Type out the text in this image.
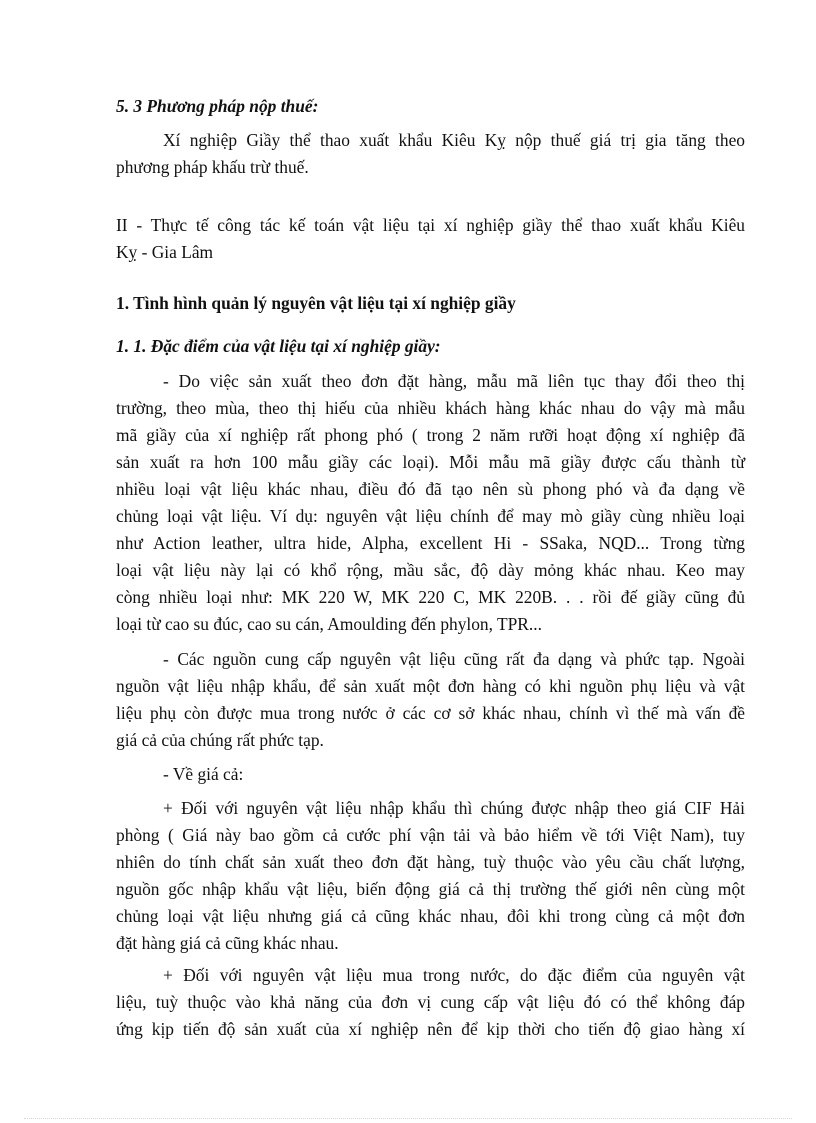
5. 3 Phương pháp nộp thuế:
Xí nghiệp Giầy thể thao xuất khẩu Kiêu Kỵ nộp thuế giá trị gia tăng theo
phương pháp khấu trừ thuế.
II - Thực tế công tác kế toán vật liệu tại xí nghiệp giầy thể thao xuất khẩu Kiêu
Kỵ - Gia Lâm
1. Tình hình quản lý nguyên vật liệu tại xí nghiệp giầy
1. 1. Đặc điểm của vật liệu tại xí nghiệp giầy:
- Do việc sản xuất theo đơn đặt hàng, mẫu mã liên tục thay đổi theo thị
trường, theo mùa, theo thị hiếu của nhiều khách hàng khác nhau do vậy mà mẫu
mã giầy của xí nghiệp rất phong phó ( trong 2 năm rưỡi hoạt động xí nghiệp đã
sản xuất ra hơn 100 mẫu giầy các loại). Mỗi mẫu mã giầy được cấu thành từ
nhiều loại vật liệu khác nhau, điều đó đã tạo nên sù phong phó và đa dạng về
chủng loại vật liệu. Ví dụ: nguyên vật liệu chính để may mò giầy cùng nhiều loại
như Action leather, ultra hide, Alpha, excellent Hi - SSaka, NQD... Trong từng
loại vật liệu này lại có khổ rộng, mầu sắc, độ dày mỏng khác nhau. Keo may
còng nhiều loại như: MK 220 W, MK 220 C, MK 220B. . . rồi đế giầy cũng đủ
loại từ cao su đúc, cao su cán, Amoulding đến phylon, TPR...
- Các nguồn cung cấp nguyên vật liệu cũng rất đa dạng và phức tạp. Ngoài
nguồn vật liệu nhập khẩu, để sản xuất một đơn hàng có khi nguồn phụ liệu và vật
liệu phụ còn được mua trong nước ở các cơ sở khác nhau, chính vì thế mà vấn đề
giá cả của chúng rất phức tạp.
- Về giá cả:
+ Đối với nguyên vật liệu nhập khẩu thì chúng được nhập theo giá CIF Hải
phòng ( Giá này bao gồm cả cước phí vận tải và bảo hiểm về tới Việt Nam), tuy
nhiên do tính chất sản xuất theo đơn đặt hàng, tuỳ thuộc vào yêu cầu chất lượng,
nguồn gốc nhập khẩu vật liệu, biến động giá cả thị trường thế giới nên cùng một
chủng loại vật liệu nhưng giá cả cũng khác nhau, đôi khi trong cùng cả một đơn
đặt hàng giá cả cũng khác nhau.
+ Đối với nguyên vật liệu mua trong nước, do đặc điểm của nguyên vật
liệu, tuỳ thuộc vào khả năng của đơn vị cung cấp vật liệu đó có thể không đáp
ứng kịp tiến độ sản xuất của xí nghiệp nên để kịp thời cho tiến độ giao hàng xí
